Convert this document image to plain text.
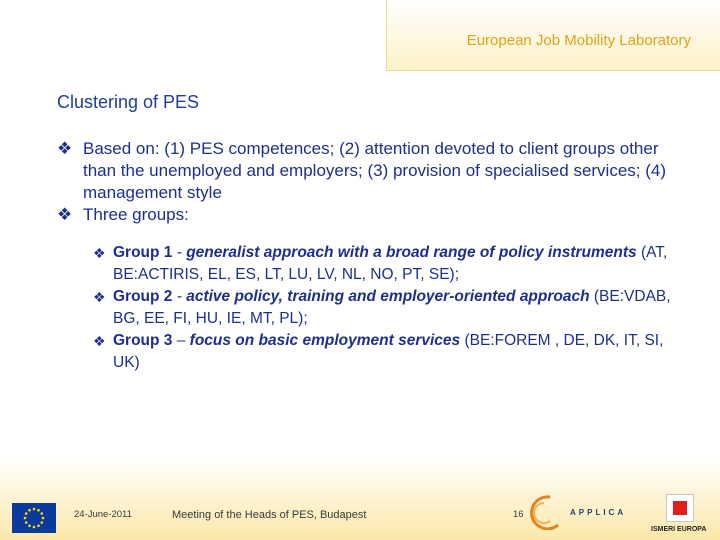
European Job Mobility Laboratory
Clustering of PES
❖ Based on: (1) PES competences; (2) attention devoted to client groups other than the unemployed and employers; (3) provision of specialised services; (4) management style
❖ Three groups:
❖ Group 1 - generalist approach with a broad range of policy instruments (AT, BE:ACTIRIS, EL, ES, LT, LU, LV, NL, NO, PT, SE);
❖ Group 2 - active policy, training and employer-oriented approach (BE:VDAB, BG, EE, FI, HU, IE, MT, PL);
❖ Group 3 – focus on basic employment services (BE:FOREM , DE, DK, IT, SI, UK)
24-June-2011	Meeting of the Heads of PES, Budapest	16	APPLICA
ISMERI EUROPA
